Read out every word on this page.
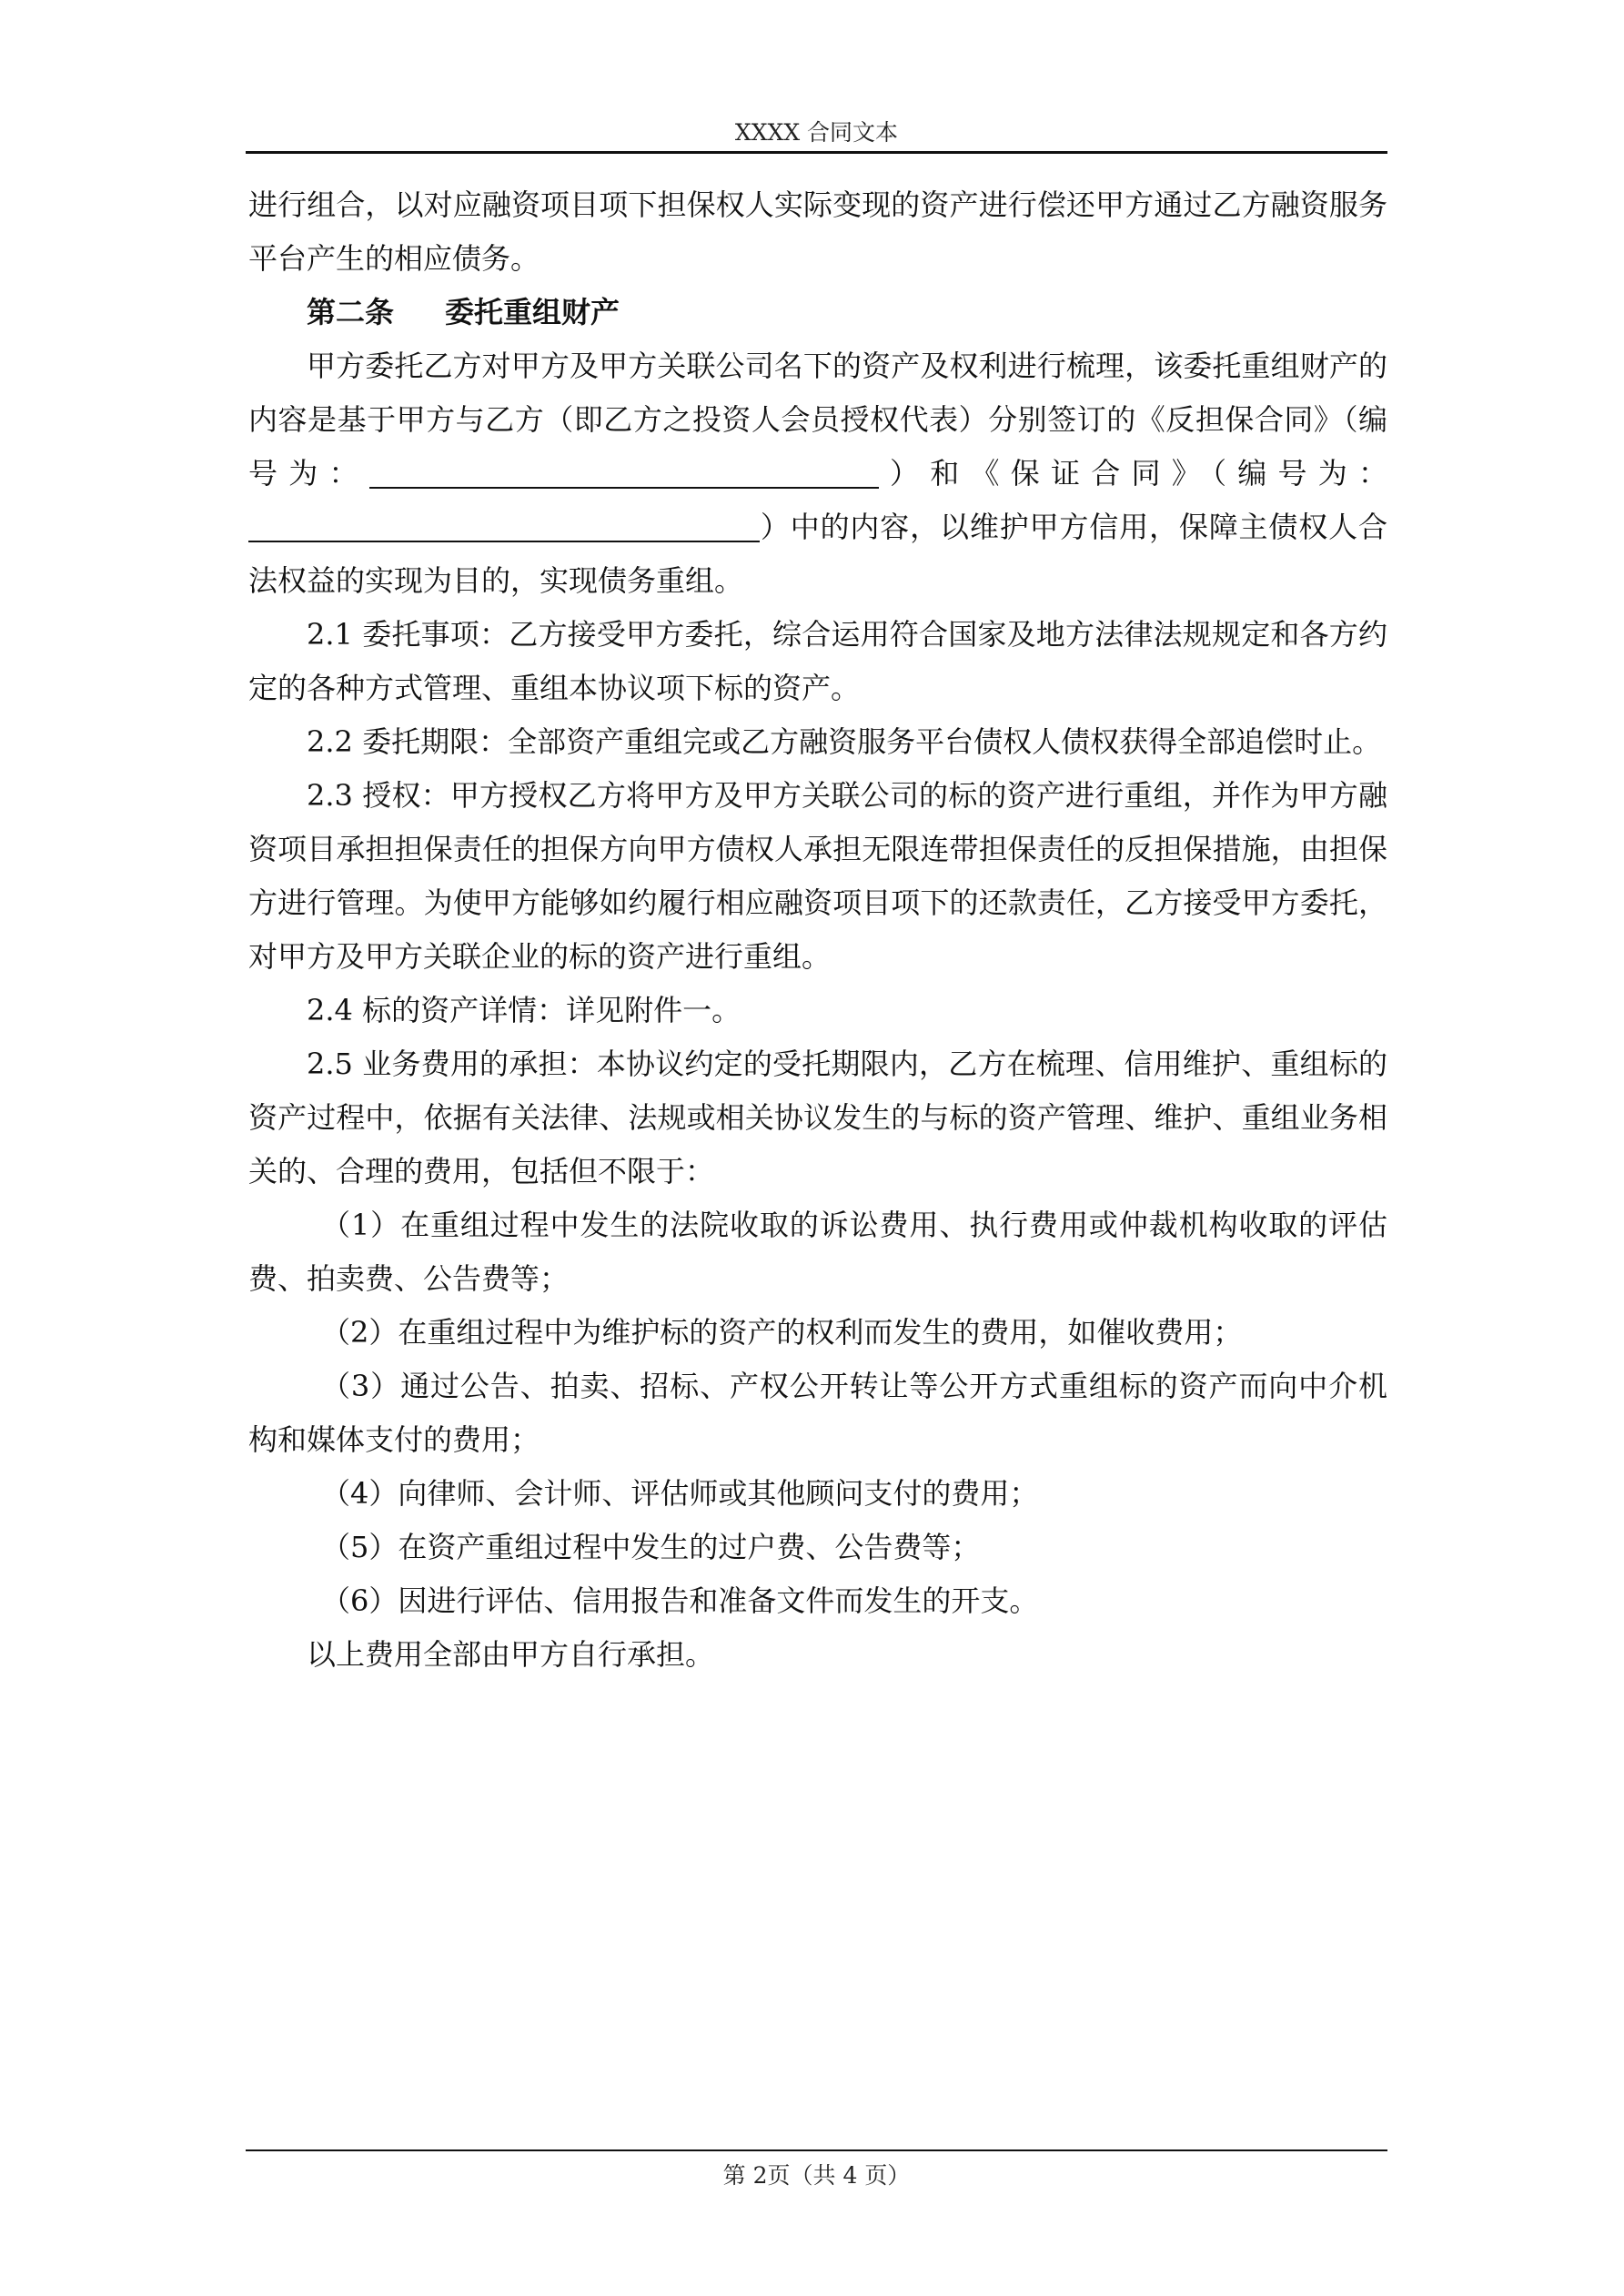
XXXX 合同文本

进行组合，以对应融资项目项下担保权人实际变现的资产进行偿还甲方通过乙方融资服务平台产生的相应债务。

第二条 委托重组财产

甲方委托乙方对甲方及甲方关联公司名下的资产及权利进行梳理，该委托重组财产的内容是基于甲方与乙方（即乙方之投资人会员授权代表）分别签订的《反担保合同》（编号为：	）和《保证合同》（编号为：）中的内容，以维护甲方信用，保障主债权人合法权益的实现为目的，实现债务重组。

2.1 委托事项：乙方接受甲方委托，综合运用符合国家及地方法律法规规定和各方约定的各种方式管理、重组本协议项下标的资产。

2.2 委托期限：全部资产重组完或乙方融资服务平台债权人债权获得全部追偿时止。

2.3 授权：甲方授权乙方将甲方及甲方关联公司的标的资产进行重组，并作为甲方融资项目承担担保责任的担保方向甲方债权人承担无限连带担保责任的反担保措施，由担保方进行管理。为使甲方能够如约履行相应融资项目项下的还款责任，乙方接受甲方委托，对甲方及甲方关联企业的标的资产进行重组。

2.4 标的资产详情：详见附件一。

2.5 业务费用的承担：本协议约定的受托期限内，乙方在梳理、信用维护、重组标的资产过程中，依据有关法律、法规或相关协议发生的与标的资产管理、维护、重组业务相关的、合理的费用，包括但不限于：

（1）在重组过程中发生的法院收取的诉讼费用、执行费用或仲裁机构收取的评估费、拍卖费、公告费等；

（2）在重组过程中为维护标的资产的权利而发生的费用，如催收费用；

（3）通过公告、拍卖、招标、产权公开转让等公开方式重组标的资产而向中介机构和媒体支付的费用；

（4）向律师、会计师、评估师或其他顾问支付的费用；

（5）在资产重组过程中发生的过户费、公告费等；

（6）因进行评估、信用报告和准备文件而发生的开支。

以上费用全部由甲方自行承担。

第 2页（共 4 页）
